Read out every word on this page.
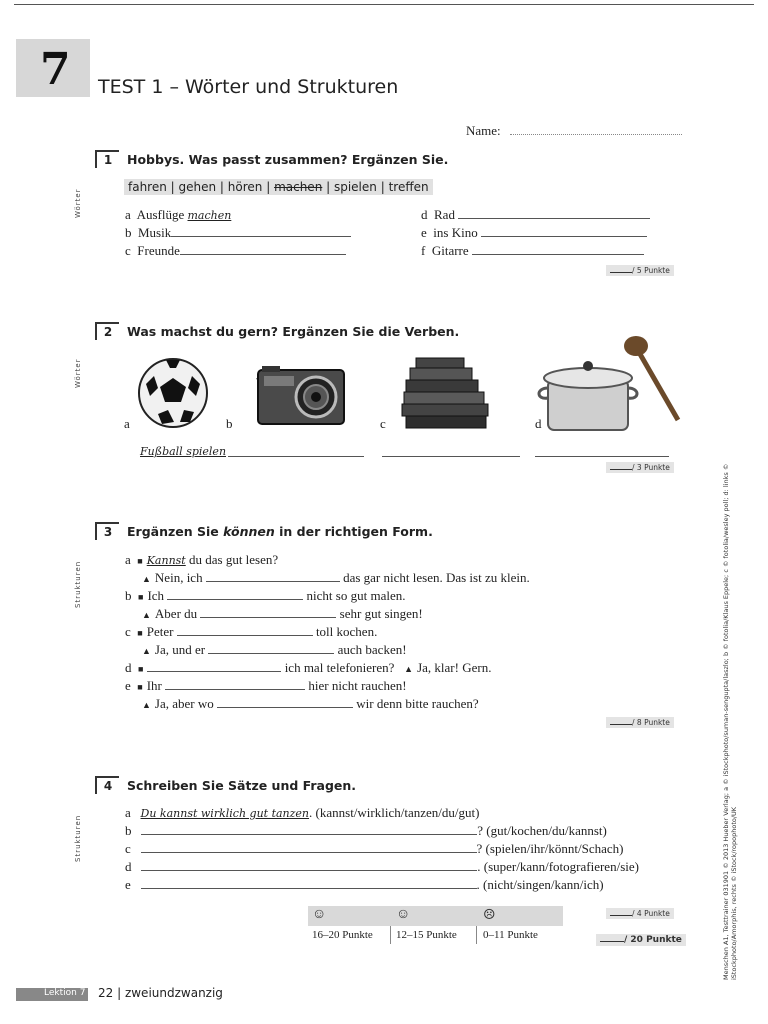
7 TEST 1 – Wörter und Strukturen
Name:
Wörter
Wörter
Strukturen
Strukturen
1	Hobbys. Was passt zusammen? Ergänzen Sie.
fahren | gehen | hören | machen | spielen | treffen
a Ausflüge machen
b Musik
c Freunde
d Rad
e ins Kino
f Gitarre
/ 5 Punkte
2	Was machst du gern? Ergänzen Sie die Verben.
a	b	c	d
Fußball spielen
/ 3 Punkte
3	Ergänzen Sie können in der richtigen Form.
a ■ Kannst du das gut lesen?
▲ Nein, ich	das gar nicht lesen. Das ist zu klein.
b ■ Ich	nicht so gut malen.
▲ Aber du	sehr gut singen!
c ■ Peter	toll kochen.
▲ Ja, und er	auch backen!
d ■	ich mal telefonieren? ▲ Ja, klar! Gern.
e ■ Ihr	hier nicht rauchen!
▲ Ja, aber wo	wir denn bitte rauchen?
/ 8 Punkte
4	Schreiben Sie Sätze und Fragen.
a Du kannst wirklich gut tanzen. (kannst/wirklich/tanzen/du/gut)
b	? (gut/kochen/du/kannst)
c	? (spielen/ihr/könnt/Schach)
d	. (super/kann/fotografieren/sie)
e	. (nicht/singen/kann/ich)
☺	☺	☹
16–20 Punkte 12–15 Punkte 0–11 Punkte
/ 4 Punkte
/ 20 Punkte
Lektion 7 22 | zweiundzwanzig
Menschen A1, Testtrainer 031901 © 2013 Hueber Verlag; a © iStockphoto/suman-sengupta/laszlo; b © fotolia/Klaus Eppele; c © fotolia/wesley poll; d: links © iStockphoto/Amorphis, rechts © iStock/ropophoto/UK
